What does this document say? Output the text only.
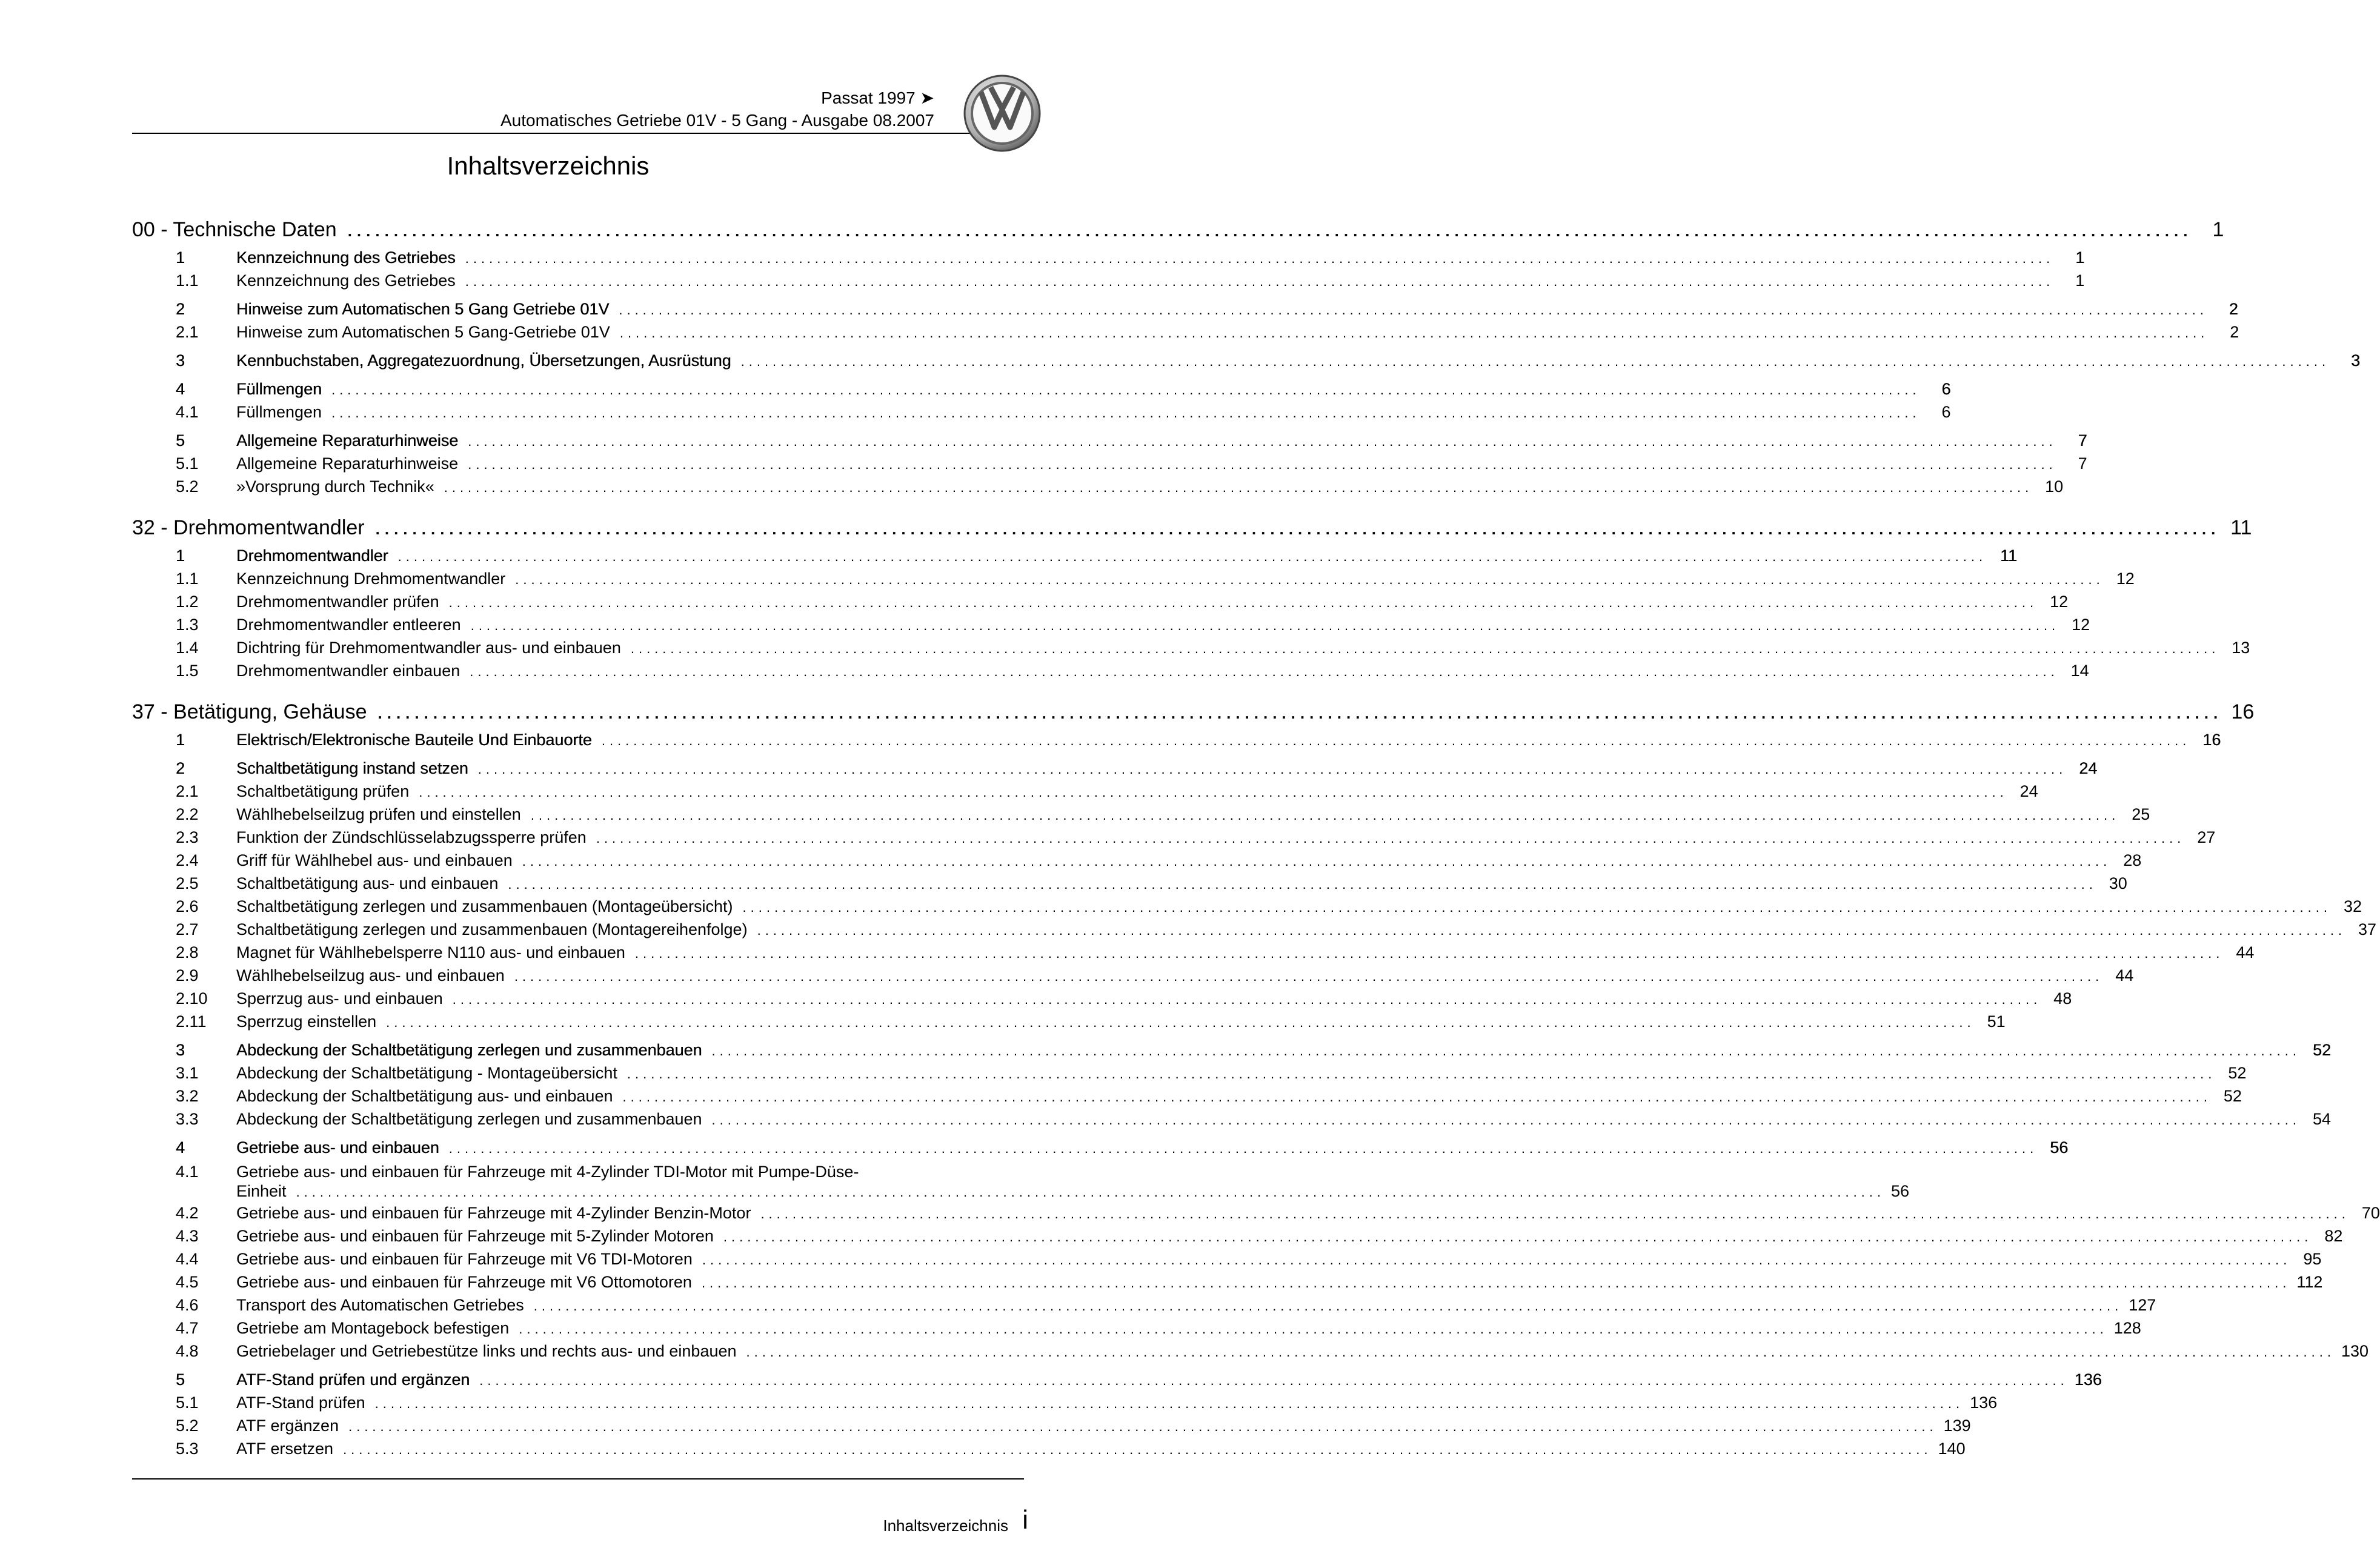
Passat 1997 ➤
Automatisches Getriebe 01V - 5 Gang - Ausgabe 08.2007
Inhaltsverzeichnis
00 - Technische Daten ........................................................................................................................................................................................................ 1
1	Kennzeichnung des Getriebes ........................................................................................................................................................................................................	1
1.1	Kennzeichnung des Getriebes ........................................................................................................................................................................................................	1
2	Hinweise zum Automatischen 5 Gang Getriebe 01V ........................................................................................................................................................................................................	2
2.1	Hinweise zum Automatischen 5 Gang-Getriebe 01V ........................................................................................................................................................................................................	2
3	Kennbuchstaben, Aggregatezuordnung, Übersetzungen, Ausrüstung ........................................................................................................................................................................................................	3
4	Füllmengen ........................................................................................................................................................................................................	6
4.1	Füllmengen ........................................................................................................................................................................................................	6
5	Allgemeine Reparaturhinweise ........................................................................................................................................................................................................	7
5.1	Allgemeine Reparaturhinweise ........................................................................................................................................................................................................	7
5.2	»Vorsprung durch Technik« ........................................................................................................................................................................................................ 10
32 - Drehmomentwandler ........................................................................................................................................................................................................ 11
1	Drehmomentwandler ........................................................................................................................................................................................................ 11
1.1	Kennzeichnung Drehmomentwandler ........................................................................................................................................................................................................ 12
1.2	Drehmomentwandler prüfen ........................................................................................................................................................................................................ 12
1.3	Drehmomentwandler entleeren ........................................................................................................................................................................................................ 12
1.4	Dichtring für Drehmomentwandler aus- und einbauen ........................................................................................................................................................................................................ 13
1.5	Drehmomentwandler einbauen ........................................................................................................................................................................................................ 14
37 - Betätigung, Gehäuse ........................................................................................................................................................................................................ 16
1	Elektrisch/Elektronische Bauteile Und Einbauorte ........................................................................................................................................................................................................ 16
2	Schaltbetätigung instand setzen ........................................................................................................................................................................................................ 24
2.1	Schaltbetätigung prüfen ........................................................................................................................................................................................................ 24
2.2	Wählhebelseilzug prüfen und einstellen ........................................................................................................................................................................................................ 25
2.3	Funktion der Zündschlüsselabzugssperre prüfen ........................................................................................................................................................................................................ 27
2.4	Griff für Wählhebel aus- und einbauen ........................................................................................................................................................................................................ 28
2.5	Schaltbetätigung aus- und einbauen ........................................................................................................................................................................................................ 30
2.6	Schaltbetätigung zerlegen und zusammenbauen (Montageübersicht) ........................................................................................................................................................................................................ 32
2.7	Schaltbetätigung zerlegen und zusammenbauen (Montagereihenfolge) ........................................................................................................................................................................................................ 37
2.8	Magnet für Wählhebelsperre N110 aus- und einbauen ........................................................................................................................................................................................................ 44
2.9	Wählhebelseilzug aus- und einbauen ........................................................................................................................................................................................................ 44
2.10	Sperrzug aus- und einbauen ........................................................................................................................................................................................................ 48
2.11	Sperrzug einstellen ........................................................................................................................................................................................................ 51
3	Abdeckung der Schaltbetätigung zerlegen und zusammenbauen ........................................................................................................................................................................................................ 52
3.1	Abdeckung der Schaltbetätigung - Montageübersicht ........................................................................................................................................................................................................ 52
3.2	Abdeckung der Schaltbetätigung aus- und einbauen ........................................................................................................................................................................................................ 52
3.3	Abdeckung der Schaltbetätigung zerlegen und zusammenbauen ........................................................................................................................................................................................................ 54
4	Getriebe aus- und einbauen ........................................................................................................................................................................................................ 56
4.1	Getriebe aus- und einbauen für Fahrzeuge mit 4-Zylinder TDI-Motor mit Pumpe-Düse-
Einheit ........................................................................................................................................................................................................ 56
4.2	Getriebe aus- und einbauen für Fahrzeuge mit 4-Zylinder Benzin-Motor ........................................................................................................................................................................................................ 70
4.3	Getriebe aus- und einbauen für Fahrzeuge mit 5-Zylinder Motoren ........................................................................................................................................................................................................ 82
4.4	Getriebe aus- und einbauen für Fahrzeuge mit V6 TDI-Motoren ........................................................................................................................................................................................................ 95
4.5	Getriebe aus- und einbauen für Fahrzeuge mit V6 Ottomotoren ........................................................................................................................................................................................................ 112
4.6	Transport des Automatischen Getriebes ........................................................................................................................................................................................................ 127
4.7	Getriebe am Montagebock befestigen ........................................................................................................................................................................................................ 128
4.8	Getriebelager und Getriebestütze links und rechts aus- und einbauen ........................................................................................................................................................................................................ 130
5	ATF-Stand prüfen und ergänzen ........................................................................................................................................................................................................ 136
5.1	ATF-Stand prüfen ........................................................................................................................................................................................................ 136
5.2	ATF ergänzen ........................................................................................................................................................................................................ 139
5.3	ATF ersetzen ........................................................................................................................................................................................................ 140
Inhaltsverzeichnis i
